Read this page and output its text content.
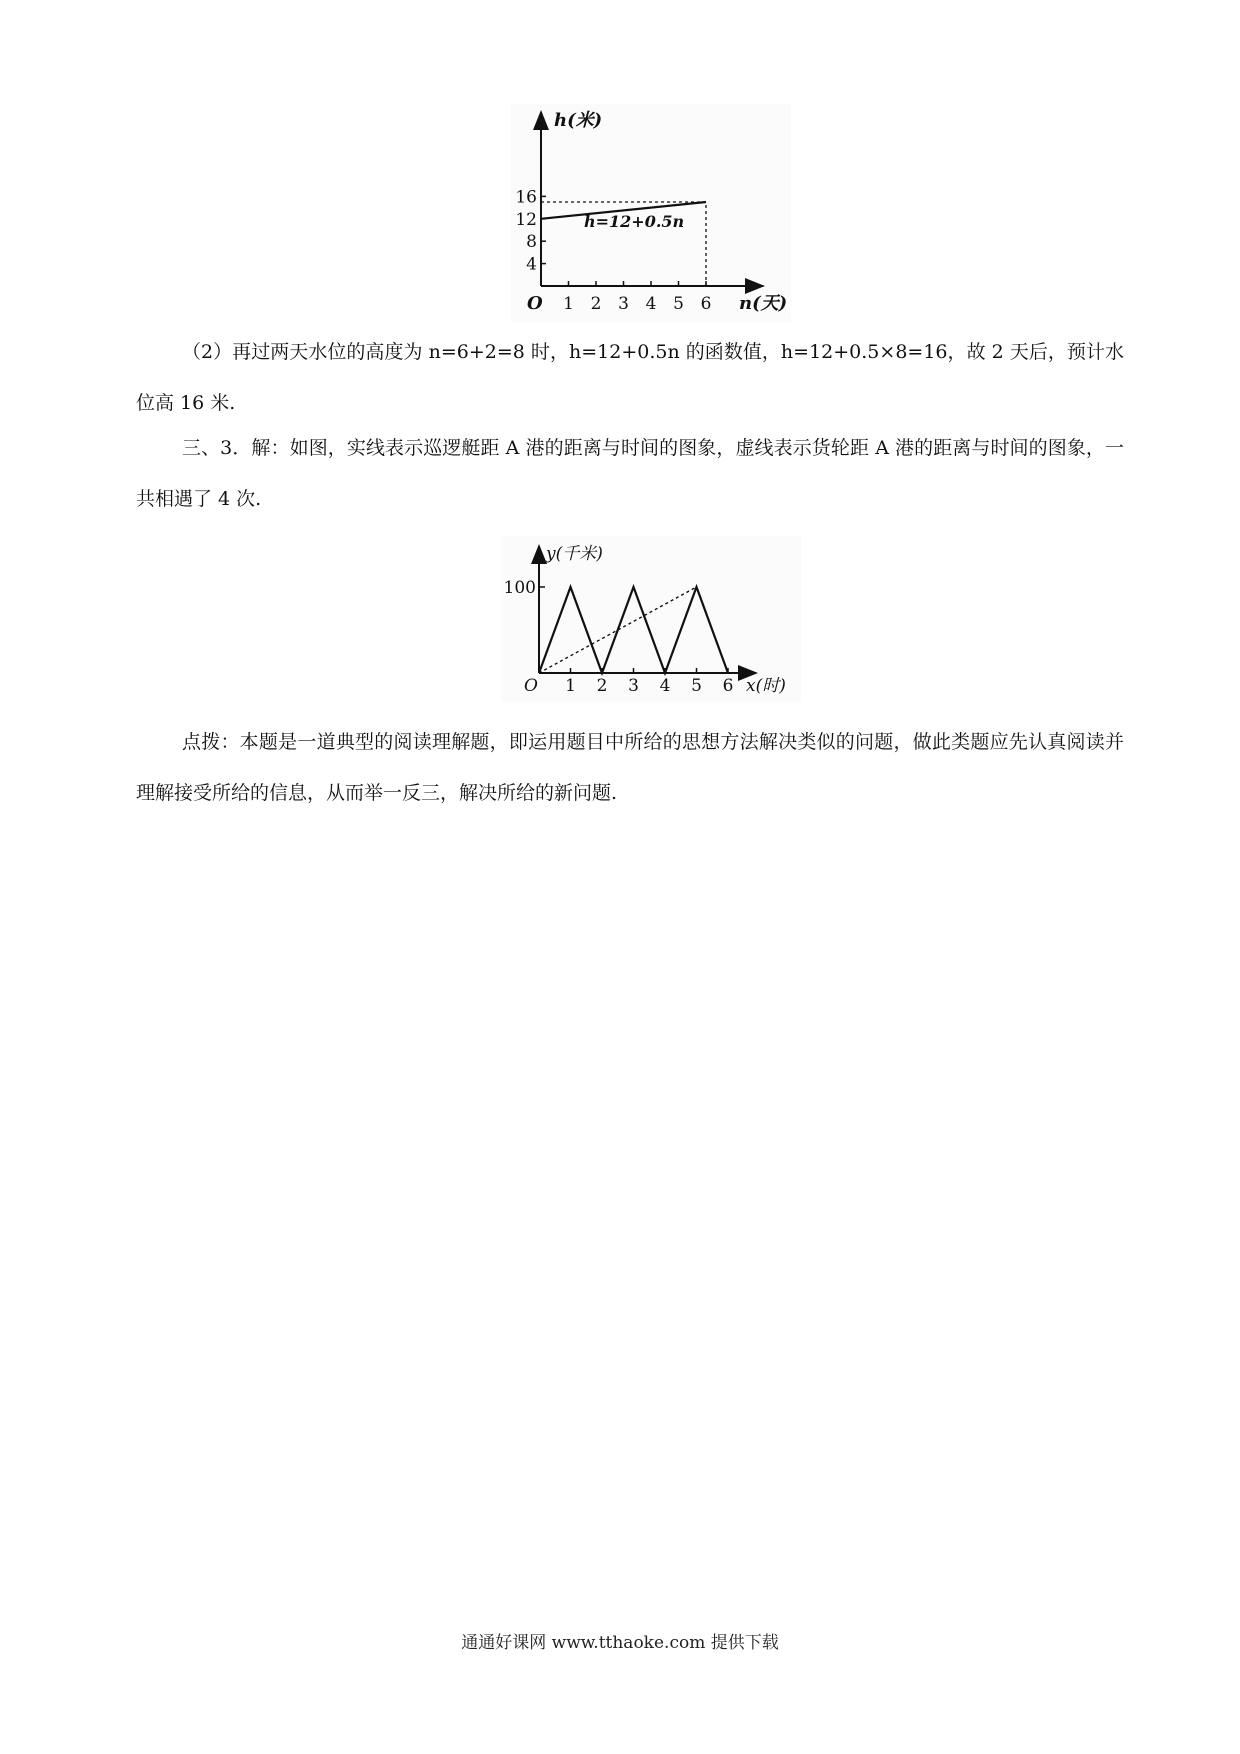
h(米)
n(天)
O
h=12+0.5n
1 2 3 4 5 6
4
8
12
16

（2）再过两天水位的高度为 n=6+2=8 时，h=12+0.5n 的函数值，h=12+0.5×8=16，故 2 天后，预计水位高 16 米.

三、3．解：如图，实线表示巡逻艇距 A 港的距离与时间的图象，虚线表示货轮距 A 港的距离与时间的图象，一共相遇了 4 次.

y(千米)
x(时)
O 1 2 3 4 5 6
100

点拨：本题是一道典型的阅读理解题，即运用题目中所给的思想方法解决类似的问题，做此类题应先认真阅读并理解接受所给的信息，从而举一反三，解决所给的新问题.

通通好课网 www.tthaoke.com 提供下载
